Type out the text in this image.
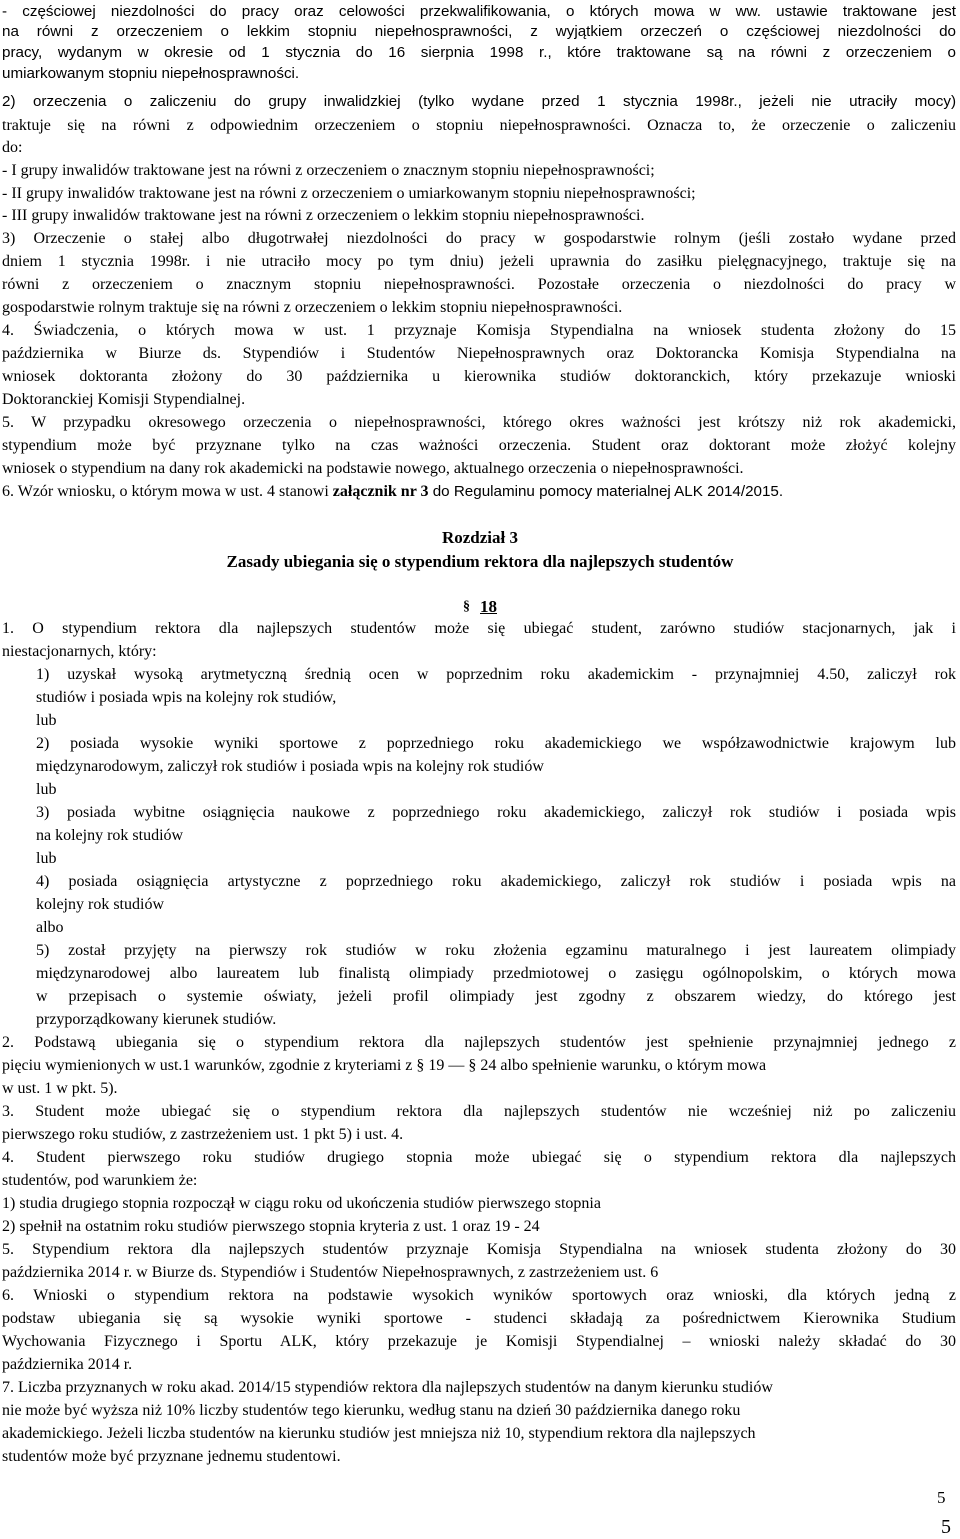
- częściowej niezdolności do pracy oraz celowości przekwalifikowania, o których mowa w ww. ustawie traktowane jest
na równi z orzeczeniem o lekkim stopniu niepełnosprawności, z wyjątkiem orzeczeń o częściowej niezdolności do
pracy, wydanym w okresie od 1 stycznia do 16 sierpnia 1998 r., które traktowane są na równi z orzeczeniem o
umiarkowanym stopniu niepełnosprawności.
2) orzeczenia o zaliczeniu do grupy inwalidzkiej (tylko wydane przed 1 stycznia 1998r., jeżeli nie utraciły mocy)
traktuje się na równi z odpowiednim orzeczeniem o stopniu niepełnosprawności. Oznacza to, że orzeczenie o zaliczeniu
do:
- I grupy inwalidów traktowane jest na równi z orzeczeniem o znacznym stopniu niepełnosprawności;
- II grupy inwalidów traktowane jest na równi z orzeczeniem o umiarkowanym stopniu niepełnosprawności;
- III grupy inwalidów traktowane jest na równi z orzeczeniem o lekkim stopniu niepełnosprawności.
3) Orzeczenie o stałej albo długotrwałej niezdolności do pracy w gospodarstwie rolnym (jeśli zostało wydane przed
dniem 1 stycznia 1998r. i nie utraciło mocy po tym dniu) jeżeli uprawnia do zasiłku pielęgnacyjnego, traktuje się na
równi z orzeczeniem o znacznym stopniu niepełnosprawności. Pozostałe orzeczenia o niezdolności do pracy w
gospodarstwie rolnym traktuje się na równi z orzeczeniem o lekkim stopniu niepełnosprawności.
4. Świadczenia, o których mowa w ust. 1 przyznaje Komisja Stypendialna na wniosek studenta złożony do 15
października w Biurze ds. Stypendiów i Studentów Niepełnosprawnych oraz Doktorancka Komisja Stypendialna na
wniosek doktoranta złożony do 30 października u kierownika studiów doktoranckich, który przekazuje wnioski
Doktoranckiej Komisji Stypendialnej.
5. W przypadku okresowego orzeczenia o niepełnosprawności, którego okres ważności jest krótszy niż rok akademicki,
stypendium może być przyznane tylko na czas ważności orzeczenia. Student oraz doktorant może złożyć kolejny
wniosek o stypendium na dany rok akademicki na podstawie nowego, aktualnego orzeczenia o niepełnosprawności.
6. Wzór wniosku, o którym mowa w ust. 4 stanowi załącznik nr 3 do Regulaminu pomocy materialnej ALK 2014/2015.
Rozdział 3
Zasady ubiegania się o stypendium rektora dla najlepszych studentów
§ 18
1. O stypendium rektora dla najlepszych studentów może się ubiegać student, zarówno studiów stacjonarnych, jak i
niestacjonarnych, który:
1) uzyskał wysoką arytmetyczną średnią ocen w poprzednim roku akademickim - przynajmniej 4.50, zaliczył rok
studiów i posiada wpis na kolejny rok studiów,
lub
2) posiada wysokie wyniki sportowe z poprzedniego roku akademickiego we współzawodnictwie krajowym lub
międzynarodowym, zaliczył rok studiów i posiada wpis na kolejny rok studiów
lub
3) posiada wybitne osiągnięcia naukowe z poprzedniego roku akademickiego, zaliczył rok studiów i posiada wpis
na kolejny rok studiów
lub
4) posiada osiągnięcia artystyczne z poprzedniego roku akademickiego, zaliczył rok studiów i posiada wpis na
kolejny rok studiów
albo
5) został przyjęty na pierwszy rok studiów w roku złożenia egzaminu maturalnego i jest laureatem olimpiady
międzynarodowej albo laureatem lub finalistą olimpiady przedmiotowej o zasięgu ogólnopolskim, o których mowa
w przepisach o systemie oświaty, jeżeli profil olimpiady jest zgodny z obszarem wiedzy, do którego jest
przyporządkowany kierunek studiów.
2. Podstawą ubiegania się o stypendium rektora dla najlepszych studentów jest spełnienie przynajmniej jednego z
pięciu wymienionych w ust.1 warunków, zgodnie z kryteriami z § 19 — § 24 albo spełnienie warunku, o którym mowa
w ust. 1 w pkt. 5).
3. Student może ubiegać się o stypendium rektora dla najlepszych studentów nie wcześniej niż po zaliczeniu
pierwszego roku studiów, z zastrzeżeniem ust. 1 pkt 5) i ust. 4.
4. Student pierwszego roku studiów drugiego stopnia może ubiegać się o stypendium rektora dla najlepszych
studentów, pod warunkiem że:
1) studia drugiego stopnia rozpoczął w ciągu roku od ukończenia studiów pierwszego stopnia
2) spełnił na ostatnim roku studiów pierwszego stopnia kryteria z ust. 1 oraz 19 - 24
5. Stypendium rektora dla najlepszych studentów przyznaje Komisja Stypendialna na wniosek studenta złożony do 30
października 2014 r. w Biurze ds. Stypendiów i Studentów Niepełnosprawnych, z zastrzeżeniem ust. 6
6. Wnioski o stypendium rektora na podstawie wysokich wyników sportowych oraz wnioski, dla których jedną z
podstaw ubiegania się są wysokie wyniki sportowe - studenci składają za pośrednictwem Kierownika Studium
Wychowania Fizycznego i Sportu ALK, który przekazuje je Komisji Stypendialnej – wnioski należy składać do 30
października 2014 r.
7. Liczba przyznanych w roku akad. 2014/15 stypendiów rektora dla najlepszych studentów na danym kierunku studiów
nie może być wyższa niż 10% liczby studentów tego kierunku, według stanu na dzień 30 października danego roku
akademickiego. Jeżeli liczba studentów na kierunku studiów jest mniejsza niż 10, stypendium rektora dla najlepszych
studentów może być przyznane jednemu studentowi.
5
5
